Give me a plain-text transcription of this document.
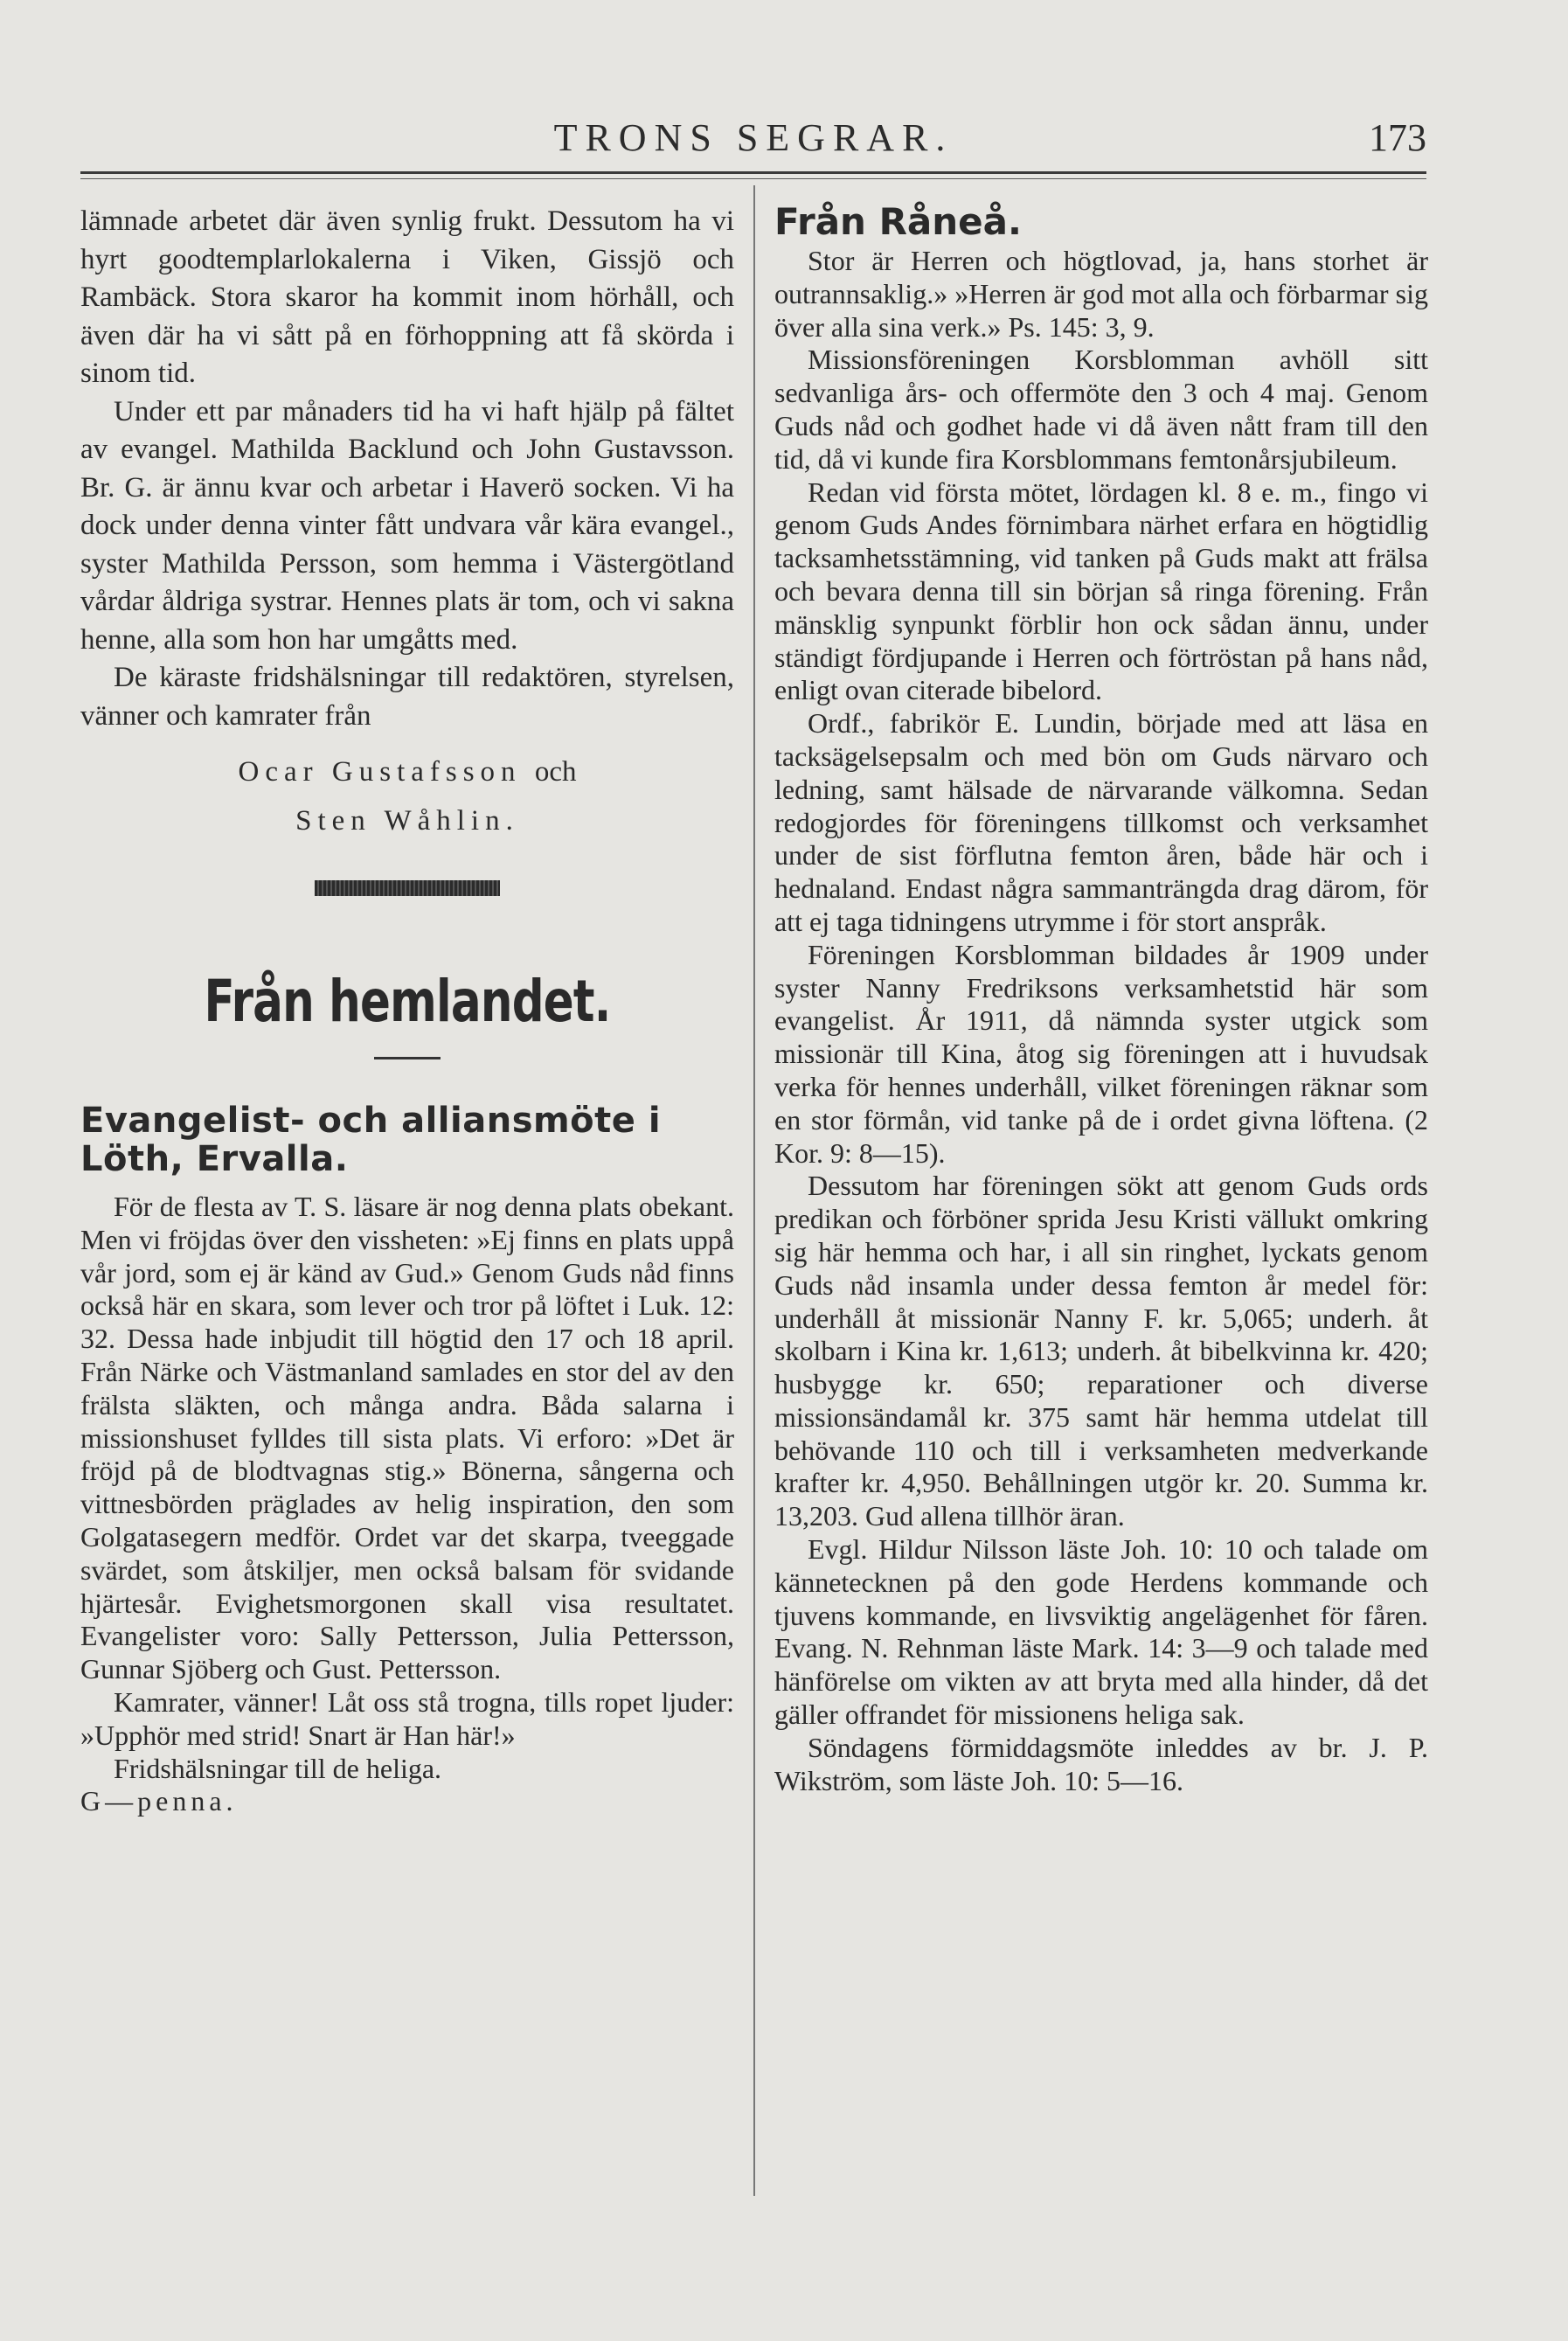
TRONS SEGRAR.	173

lämnade arbetet där även synlig frukt. Dessutom ha vi hyrt goodtemplarlokalerna i Viken, Gissjö och Rambäck. Stora skaror ha kommit inom hörhåll, och även där ha vi sått på en förhoppning att få skörda i sinom tid.

Under ett par månaders tid ha vi haft hjälp på fältet av evangel. Mathilda Backlund och John Gustavsson. Br. G. är ännu kvar och arbetar i Haverö socken. Vi ha dock under denna vinter fått undvara vår kära evangel., syster Mathilda Persson, som hemma i Västergötland vårdar åldriga systrar. Hennes plats är tom, och vi sakna henne, alla som hon har umgåtts med.

De käraste fridshälsningar till redaktören, styrelsen, vänner och kamrater från

Ocar Gustafsson och
Sten Wåhlin.
Från hemlandet.
Evangelist- och alliansmöte i Löth, Ervalla.

För de flesta av T. S. läsare är nog denna plats obekant. Men vi fröjdas över den vissheten: »Ej finns en plats uppå vår jord, som ej är känd av Gud.» Genom Guds nåd finns också här en skara, som lever och tror på löftet i Luk. 12: 32. Dessa hade inbjudit till högtid den 17 och 18 april. Från Närke och Västmanland samlades en stor del av den frälsta släkten, och många andra. Båda salarna i missionshuset fylldes till sista plats. Vi erforo: »Det är fröjd på de blodtvagnas stig.» Bönerna, sångerna och vittnesbörden präglades av helig inspiration, den som Golgatasegern medför. Ordet var det skarpa, tveeggade svärdet, som åtskiljer, men också balsam för svidande hjärtesår. Evighetsmorgonen skall visa resultatet. Evangelister voro: Sally Pettersson, Julia Pettersson, Gunnar Sjöberg och Gust. Pettersson.

Kamrater, vänner! Låt oss stå trogna, tills ropet ljuder: »Upphör med strid! Snart är Han här!»

Fridshälsningar till de heliga.

G—penna.

Från Råneå.

Stor är Herren och högtlovad, ja, hans storhet är outrannsaklig.» »Herren är god mot alla och förbarmar sig över alla sina verk.» Ps. 145: 3, 9.

Missionsföreningen Korsblomman avhöll sitt sedvanliga års- och offermöte den 3 och 4 maj. Genom Guds nåd och godhet hade vi då även nått fram till den tid, då vi kunde fira Korsblommans femtonårsjubileum.

Redan vid första mötet, lördagen kl. 8 e. m., fingo vi genom Guds Andes förnimbara närhet erfara en högtidlig tacksamhetsstämning, vid tanken på Guds makt att frälsa och bevara denna till sin början så ringa förening. Från mänsklig synpunkt förblir hon ock sådan ännu, under ständigt fördjupande i Herren och förtröstan på hans nåd, enligt ovan citerade bibelord.

Ordf., fabrikör E. Lundin, började med att läsa en tacksägelsepsalm och med bön om Guds närvaro och ledning, samt hälsade de närvarande välkomna. Sedan redogjordes för föreningens tillkomst och verksamhet under de sist förflutna femton åren, både här och i hednaland. Endast några sammanträngda drag därom, för att ej taga tidningens utrymme i för stort anspråk.

Föreningen Korsblomman bildades år 1909 under syster Nanny Fredriksons verksamhetstid här som evangelist. År 1911, då nämnda syster utgick som missionär till Kina, åtog sig föreningen att i huvudsak verka för hennes underhåll, vilket föreningen räknar som en stor förmån, vid tanke på de i ordet givna löftena. (2 Kor. 9: 8—15).

Dessutom har föreningen sökt att genom Guds ords predikan och förböner sprida Jesu Kristi vällukt omkring sig här hemma och har, i all sin ringhet, lyckats genom Guds nåd insamla under dessa femton år medel för: underhåll åt missionär Nanny F. kr. 5,065; underh. åt skolbarn i Kina kr. 1,613; underh. åt bibelkvinna kr. 420; husbygge kr. 650; reparationer och diverse missionsändamål kr. 375 samt här hemma utdelat till behövande 110 och till i verksamheten medverkande krafter kr. 4,950. Behållningen utgör kr. 20. Summa kr. 13,203. Gud allena tillhör äran.

Evgl. Hildur Nilsson läste Joh. 10: 10 och talade om kännetecknen på den gode Herdens kommande och tjuvens kommande, en livsviktig angelägenhet för fåren. Evang. N. Rehnman läste Mark. 14: 3—9 och talade med hänförelse om vikten av att bryta med alla hinder, då det gäller offrandet för missionens heliga sak.

Söndagens förmiddagsmöte inleddes av br. J. P. Wikström, som läste Joh. 10: 5—16.
